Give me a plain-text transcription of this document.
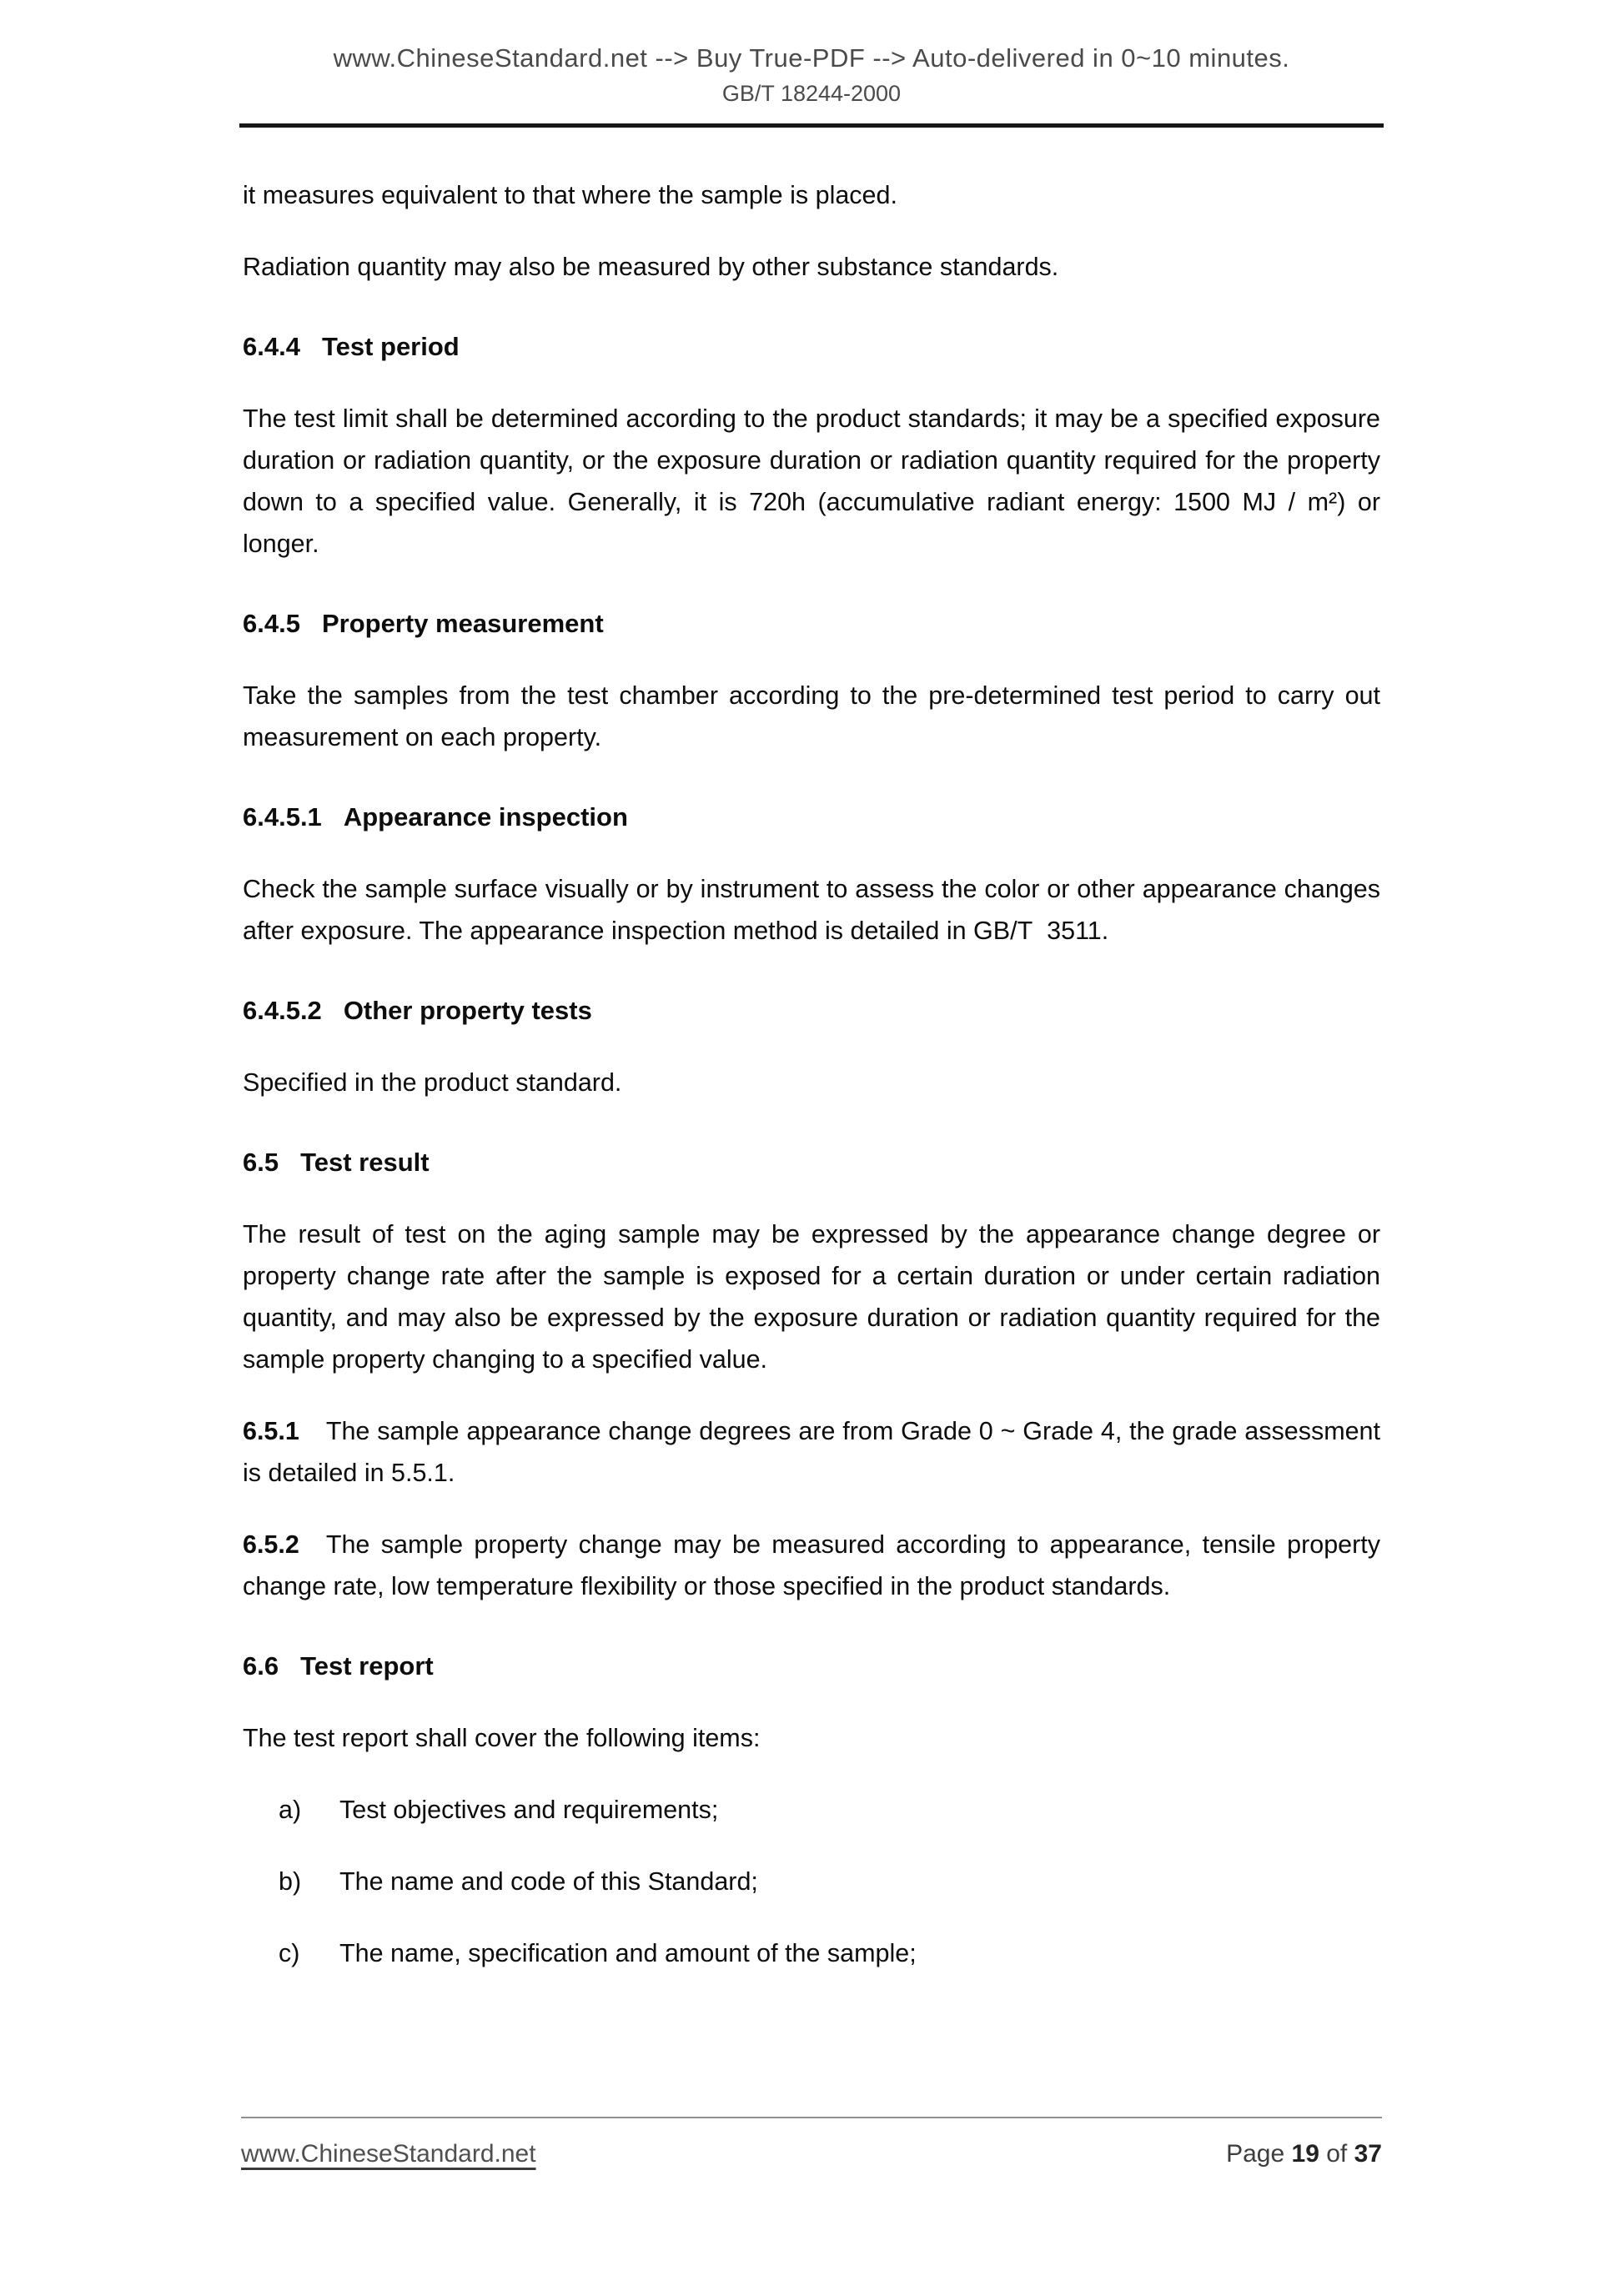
www.ChineseStandard.net --> Buy True-PDF --> Auto-delivered in 0~10 minutes.
GB/T 18244-2000

it measures equivalent to that where the sample is placed.

Radiation quantity may also be measured by other substance standards.

6.4.4 Test period

The test limit shall be determined according to the product standards; it may be a specified exposure duration or radiation quantity, or the exposure duration or radiation quantity required for the property down to a specified value. Generally, it is 720h (accumulative radiant energy: 1500 MJ / m²) or longer.

6.4.5 Property measurement

Take the samples from the test chamber according to the pre-determined test period to carry out measurement on each property.

6.4.5.1 Appearance inspection

Check the sample surface visually or by instrument to assess the color or other appearance changes after exposure. The appearance inspection method is detailed in GB/T  3511.

6.4.5.2 Other property tests

Specified in the product standard.

6.5 Test result

The result of test on the aging sample may be expressed by the appearance change degree or property change rate after the sample is exposed for a certain duration or under certain radiation quantity, and may also be expressed by the exposure duration or radiation quantity required for the sample property changing to a specified value.

6.5.1 The sample appearance change degrees are from Grade 0 ~ Grade 4, the grade assessment is detailed in 5.5.1.

6.5.2 The sample property change may be measured according to appearance, tensile property change rate, low temperature flexibility or those specified in the product standards.

6.6 Test report

The test report shall cover the following items:

a)	Test objectives and requirements;
b)	The name and code of this Standard;
c)	The name, specification and amount of the sample;
www.ChineseStandard.net	Page 19 of 37
